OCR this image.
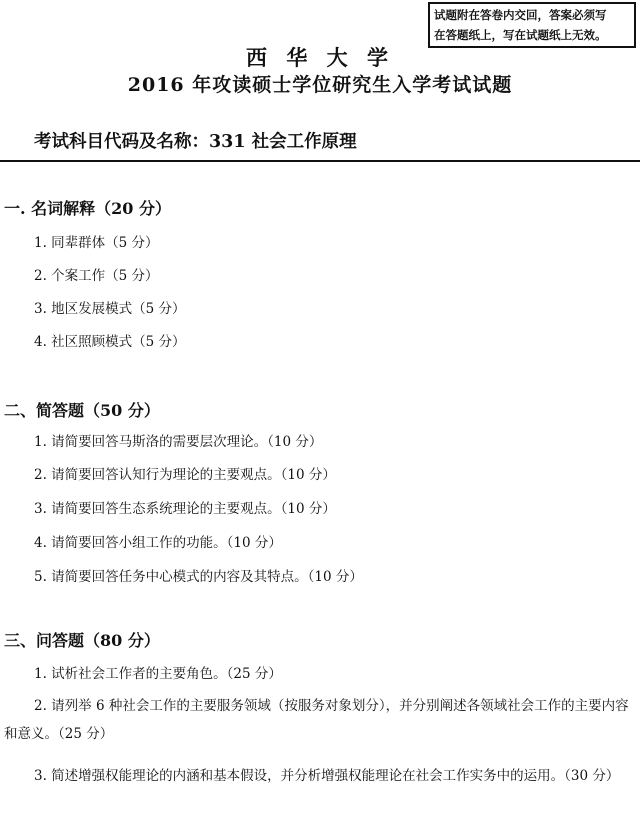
试题附在答卷内交回，答案必须写
在答题纸上，写在试题纸上无效。
西 华 大 学
2016 年攻读硕士学位研究生入学考试试题
考试科目代码及名称：331 社会工作原理
一. 名词解释（20 分）
1. 同辈群体（5 分）
2. 个案工作（5 分）
3. 地区发展模式（5 分）
4. 社区照顾模式（5 分）
二、简答题（50 分）
1. 请简要回答马斯洛的需要层次理论。（10 分）
2. 请简要回答认知行为理论的主要观点。（10 分）
3. 请简要回答生态系统理论的主要观点。（10 分）
4. 请简要回答小组工作的功能。（10 分）
5. 请简要回答任务中心模式的内容及其特点。（10 分）
三、问答题（80 分）
1. 试析社会工作者的主要角色。（25 分）
2. 请列举 6 种社会工作的主要服务领域（按服务对象划分），并分别阐述各领域社会工作的主要内容和意义。（25 分）
3. 简述增强权能理论的内涵和基本假设，并分析增强权能理论在社会工作实务中的运用。（30 分）
